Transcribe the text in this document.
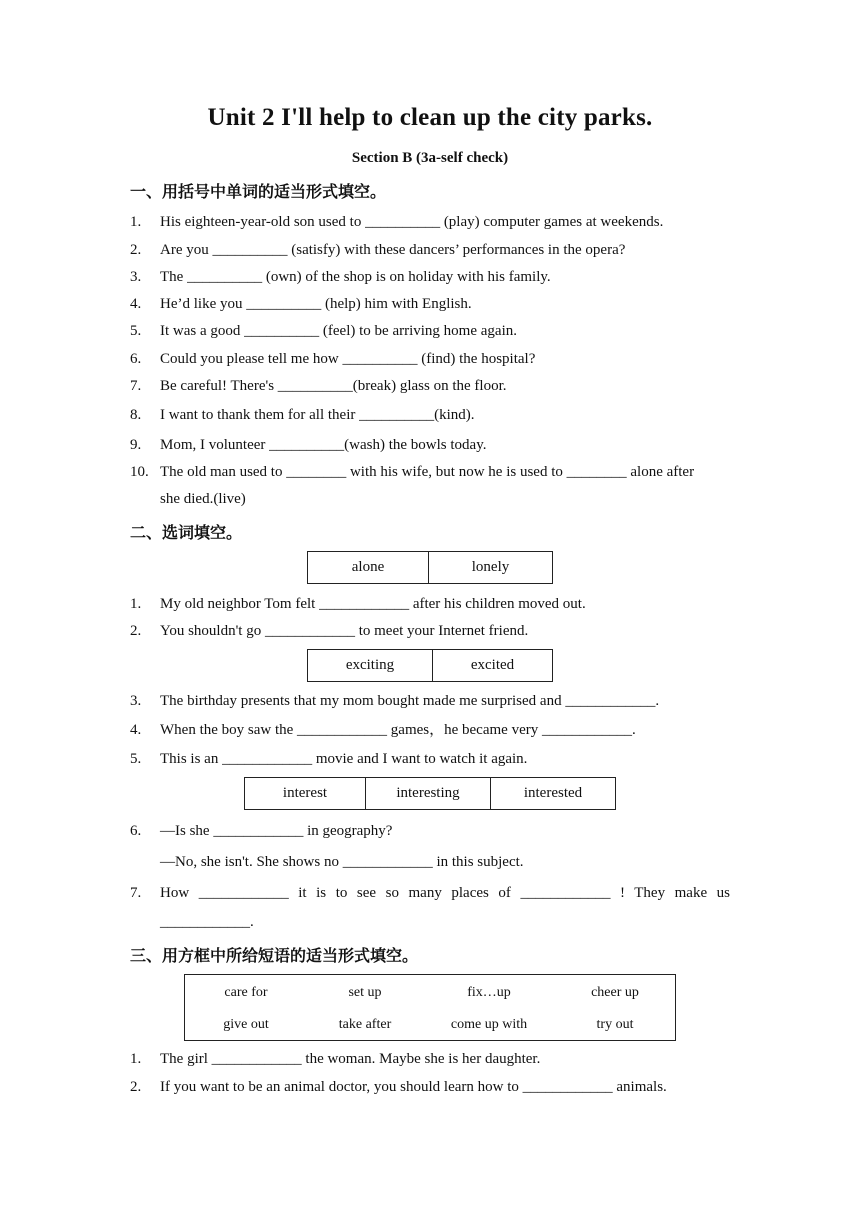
Unit 2 I'll help to clean up the city parks.
Section B (3a-self check)
一、用括号中单词的适当形式填空。
1. His eighteen-year-old son used to __________ (play) computer games at weekends.
2. Are you __________ (satisfy) with these dancers’ performances in the opera?
3. The __________ (own) of the shop is on holiday with his family.
4. He’d like you __________ (help) him with English.
5. It was a good __________ (feel) to be arriving home again.
6. Could you please tell me how __________ (find) the hospital?
7. Be careful! There's __________(break) glass on the floor.
8. I want to thank them for all their __________(kind).
9. Mom, I volunteer __________(wash) the bowls today.
10. The old man used to ________ with his wife, but now he is used to ________ alone after
she died.(live)
二、选词填空。
alone	lonely
1. My old neighbor Tom felt ____________ after his children moved out.
2. You shouldn't go ____________ to meet your Internet friend.
exciting	excited
3. The birthday presents that my mom bought made me surprised and ____________.
4. When the boy saw the ____________ games，he became very ____________.
5. This is an ____________ movie and I want to watch it again.
interest	interesting	interested
6. —Is she ____________ in geography?
—No, she isn't. She shows no ____________ in this subject.
7. How ____________ it is to see so many places of ____________ ! They make us
____________.
三、用方框中所给短语的适当形式填空。
care for	set up	fix…up	cheer up
give out	take after	come up with	try out
1. The girl ____________ the woman. Maybe she is her daughter.
2. If you want to be an animal doctor, you should learn how to ____________ animals.
